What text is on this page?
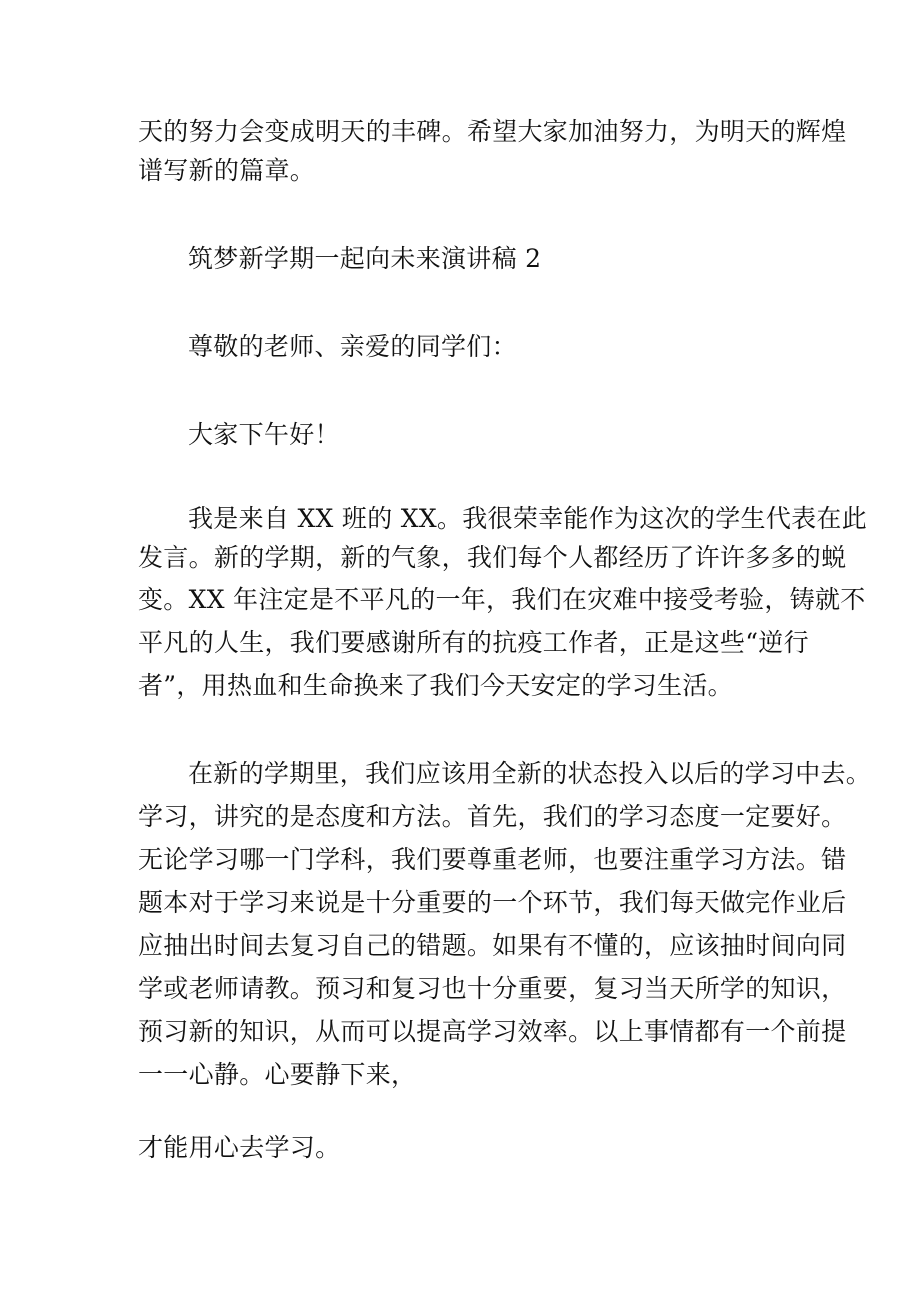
天的努力会变成明天的丰碑。希望大家加油努力，为明天的辉煌
谱写新的篇章。
筑梦新学期一起向未来演讲稿 2
尊敬的老师、亲爱的同学们：
大家下午好！
我是来自 XX 班的 XX。我很荣幸能作为这次的学生代表在此
发言。新的学期，新的气象，我们每个人都经历了许许多多的蜕
变。XX 年注定是不平凡的一年，我们在灾难中接受考验，铸就不
平凡的人生，我们要感谢所有的抗疫工作者，正是这些“逆行
者”，用热血和生命换来了我们今天安定的学习生活。
在新的学期里，我们应该用全新的状态投入以后的学习中去。
学习，讲究的是态度和方法。首先，我们的学习态度一定要好。
无论学习哪一门学科，我们要尊重老师，也要注重学习方法。错
题本对于学习来说是十分重要的一个环节，我们每天做完作业后
应抽出时间去复习自己的错题。如果有不懂的，应该抽时间向同
学或老师请教。预习和复习也十分重要，复习当天所学的知识，
预习新的知识，从而可以提高学习效率。以上事情都有一个前提
一一心静。心要静下来，
才能用心去学习。
